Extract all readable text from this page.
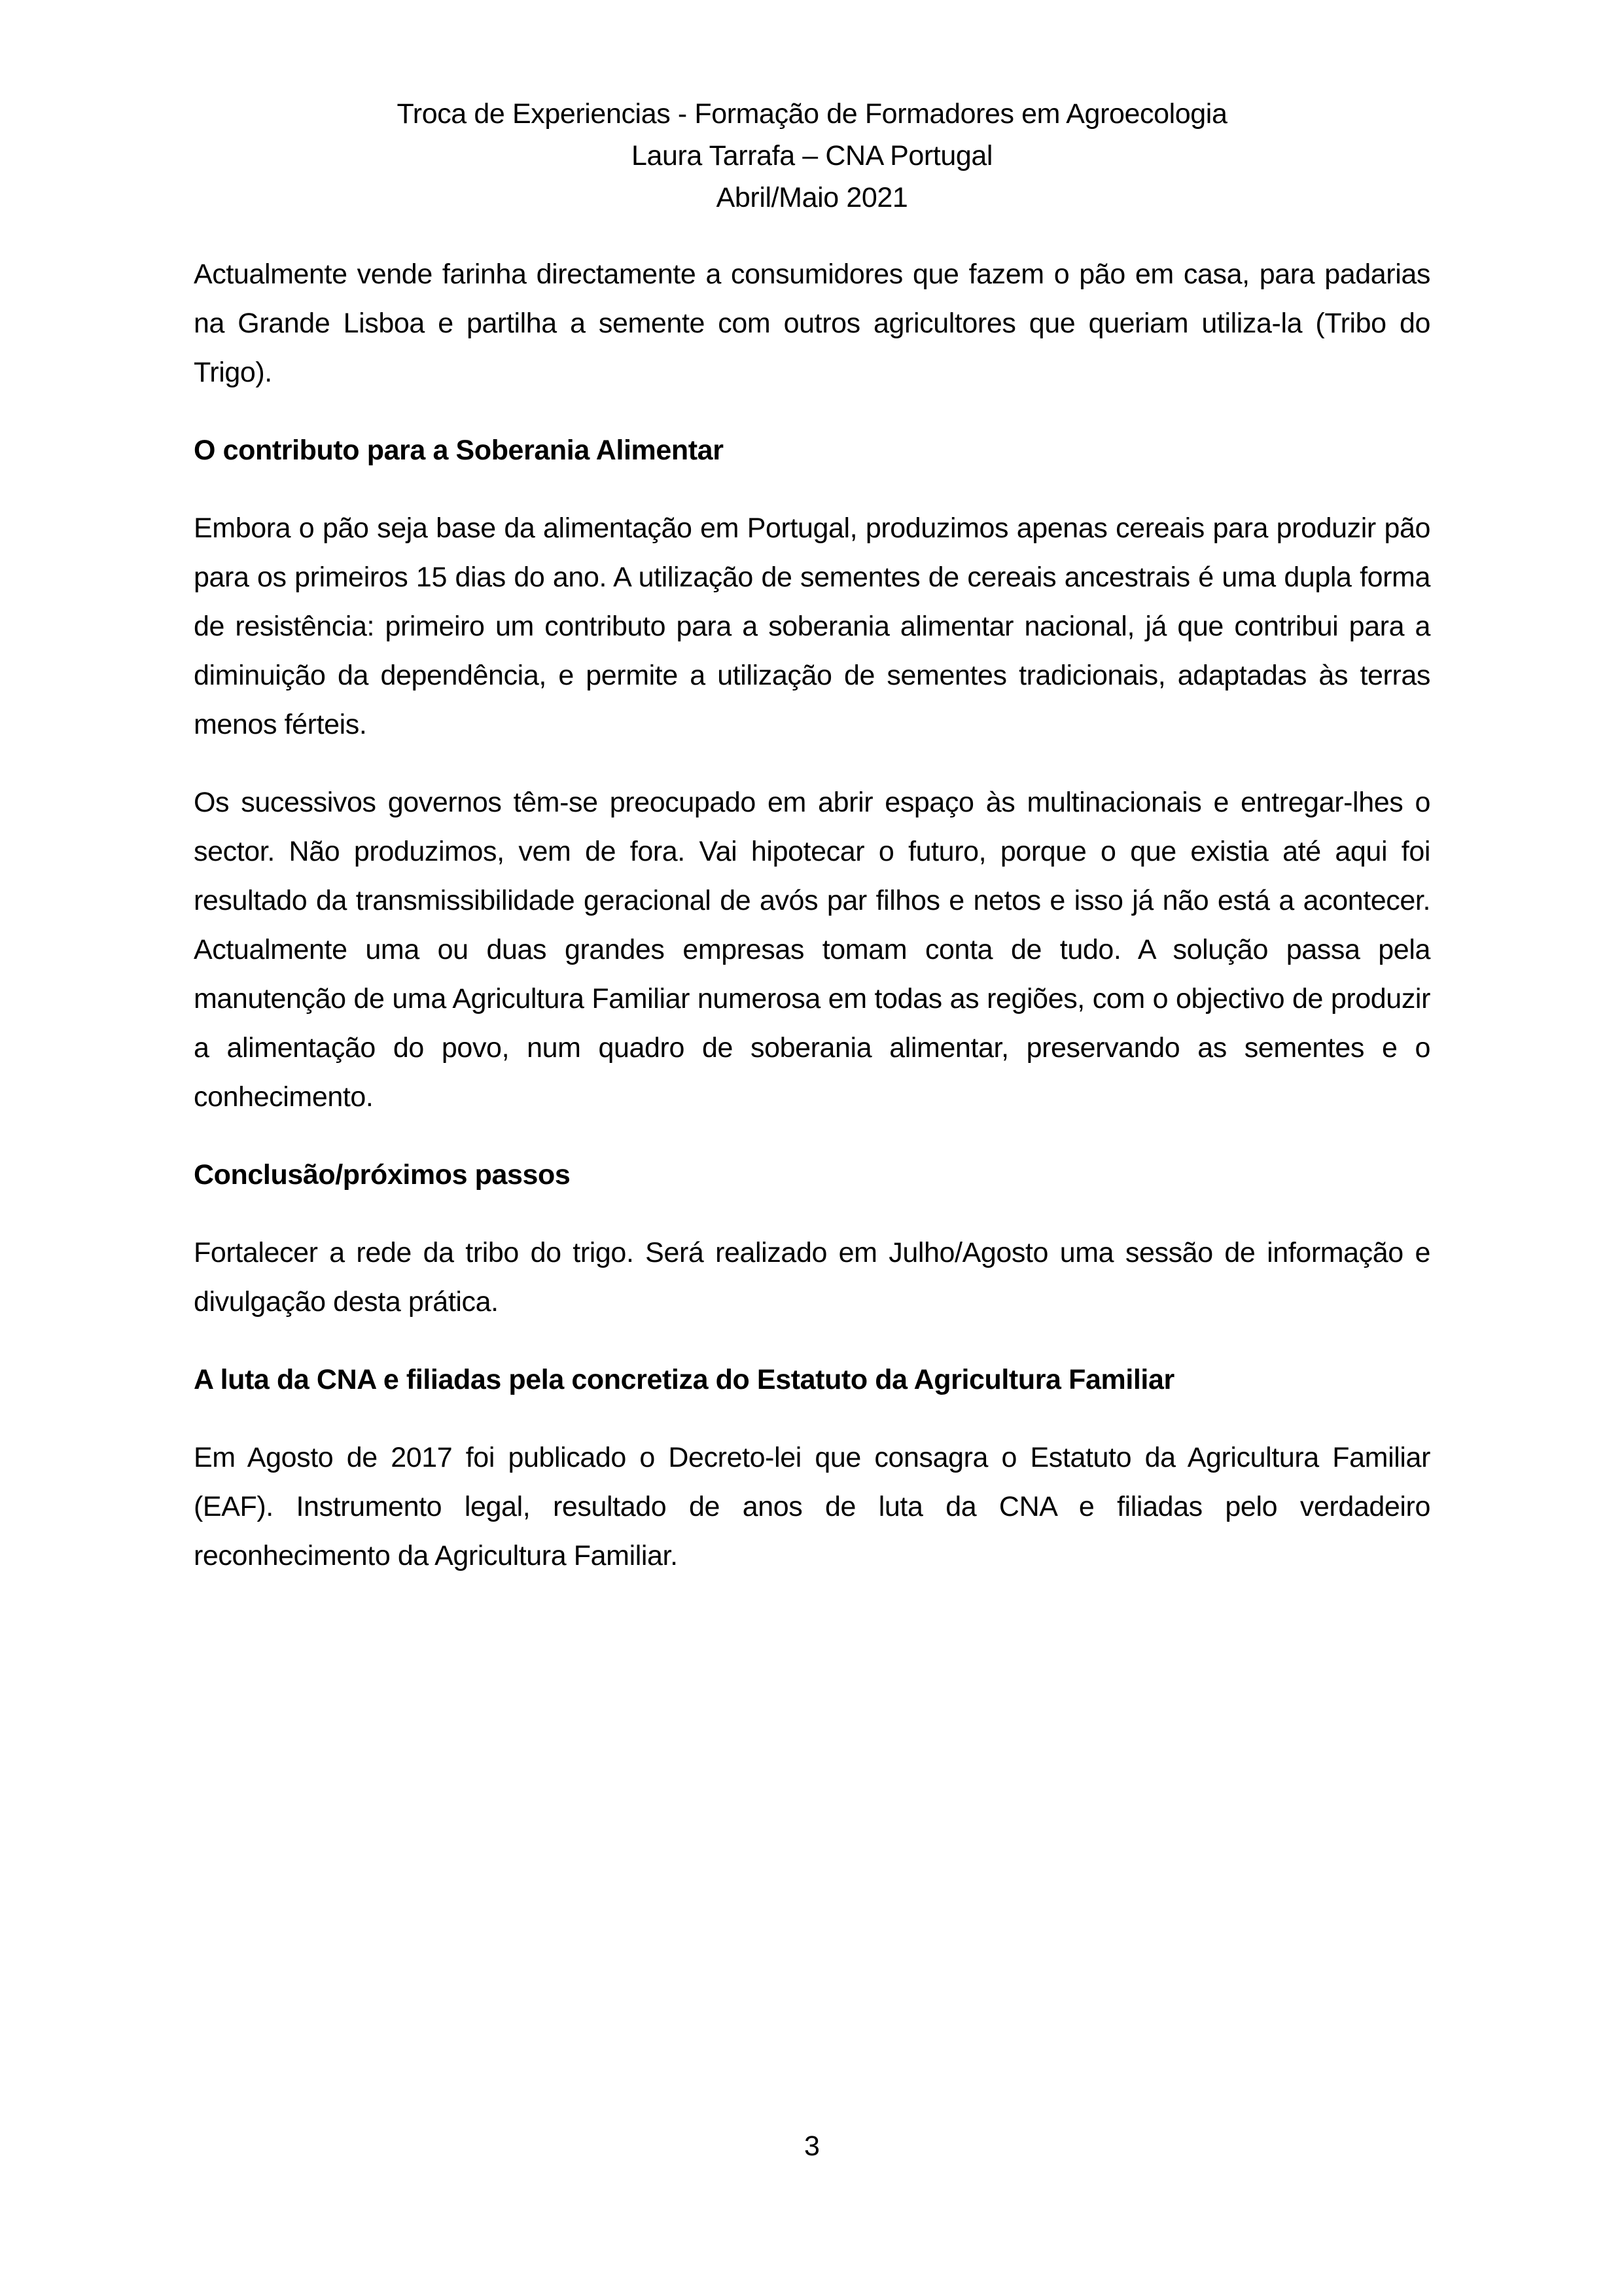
Troca de Experiencias - Formação de Formadores em Agroecologia

Laura Tarrafa – CNA Portugal

Abril/Maio 2021

Actualmente vende farinha directamente a consumidores que fazem o pão em casa, para padarias na Grande Lisboa e partilha a semente com outros agricultores que queriam utiliza-la (Tribo do Trigo).

O contributo para a Soberania Alimentar

Embora o pão seja base da alimentação em Portugal, produzimos apenas cereais para produzir pão para os primeiros 15 dias do ano. A utilização de sementes de cereais ancestrais é uma dupla forma de resistência: primeiro um contributo para a soberania alimentar nacional, já que contribui para a diminuição da dependência, e permite a utilização de sementes tradicionais, adaptadas às terras menos férteis.

Os sucessivos governos têm-se preocupado em abrir espaço às multinacionais e entregar-lhes o sector. Não produzimos, vem de fora. Vai hipotecar o futuro, porque o que existia até aqui foi resultado da transmissibilidade geracional de avós par filhos e netos e isso já não está a acontecer. Actualmente uma ou duas grandes empresas tomam conta de tudo. A solução passa pela manutenção de uma Agricultura Familiar numerosa em todas as regiões, com o objectivo de produzir a alimentação do povo, num quadro de soberania alimentar, preservando as sementes e o conhecimento.

Conclusão/próximos passos

Fortalecer a rede da tribo do trigo. Será realizado em Julho/Agosto uma sessão de informação e divulgação desta prática.

A luta da CNA e filiadas pela concretiza do Estatuto da Agricultura Familiar

Em Agosto de 2017 foi publicado o Decreto-lei que consagra o Estatuto da Agricultura Familiar (EAF). Instrumento legal, resultado de anos de luta da CNA e filiadas pelo verdadeiro reconhecimento da Agricultura Familiar.

3
